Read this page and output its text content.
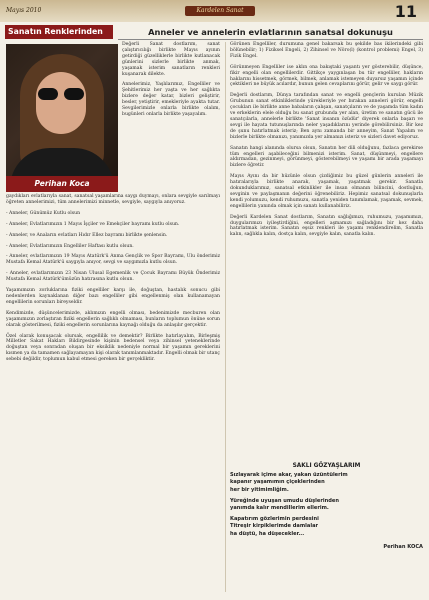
Mayıs 2010	Kardelen Sanat	11
Sanatın Renklerinden	Anneler ve annelerin evlatlarının sanatsal dokunuşu
Perihan Koca

Değerli Sanat dostlarım, sanat çalıştırıcılığı birlikte Mayıs ayının getirdiği güzelliklerle birlikte kutlanacak günlerini sizlerle birlikte anmak, yaşamak isterim sanatların renkleri kuşanarak dilekte.

Annelerimiz, Yaşlılarımız, Engelliler ve Şehitlerimiz her yaşta ve her sağlıkta bizlere değer katar, bizleri geliştirir, besler, yetiştirir, emekleriyle ayakta tutar. Sevgilerimizle onlarla birlikte olalım, bugünleri onlarla birlikte yaşayalım.

gaydıkları evlatlarıyla sanat, sanatsal yaşamlarına saygı duymayı, onlara sevgiyle sarılmayı öğreten annelerimizi, tüm annelerimizi minnetle, sevgiyle, saygıyla anıyoruz.

- Anneler, Günümüz Kutlu olsun

- Anneler, Evlatlarımızın 1 Mayıs İşçiler ve Emekçiler bayramı kutlu olsun.

- Anneler, ve Anaların evlatları Hıdır Ellez bayramı birlikte şenlensin.

- Anneler, Evlatlarımızın Engelliler Haftası kutlu olsun.

- Anneler, evlatlarımızın 19 Mayıs Atatürk'ü Anma Gençlik ve Spor Bayramı, Ulu önderimiz Mustafa Kemal Atatürk'ü saygıyla anıyor, sevgi ve saygımızla kutlu olsun.

- Anneler, evlatlarımızın 23 Nisan Ulusal Egemenlik ve Çocuk Bayramı Büyük Önderimiz Mustafa Kemal Atatürk'ümüzün hatırasına kutlu olsun.

Yaşamımızın zorluklarına fiziki engelliler karşı ile, doğuştan, hastalık sonucu gibi nedenlerden kaynaklanan diğer bazı engelliler gibi engellenmiş olan kullanamayan engellilerin sorunları bireyseldir.

Kendimizde, düşüncelerimizde, aklımızın engelli olması, bedenimizde mecburen olan yaşamımızın zorlaştıran fiziki engellerin sağlıklı olmaması, bunların toplumun önüne sorun olarak gösterilmesi, fiziki engellerin sorunlarına kaynağı olduğu da anlaşılır gerçektir.

Özel olarak konuşacak olursak, engellilik ve demektir? Birlikte hatırlayalım, Birleşmiş Milletler Sakat Hakları Bildirgesinde kişinin bedensel veya zihinsel yeteneklerinde doğuştan veya sonradan oluşan bir eksiklik nedeniyle normal bir yaşamın gereklerini kısmen ya da tamamen sağlayamayan kişi olarak tanımlanmaktadır. Engelli olmak bir utanç sebebi değildir, toplumun kabul etmesi gereken bir gerçekliktir.

Görünen Engelliler, durumuna genel bakarsak bu şekilde bas ikilerindeki gibi bölünebilir; 1) Fiziksel Engeli, 2) Zihinsel ve Nöro(l) (kontrol problemi) Engel, 3) Fizik Engel.

Görünmeyen Engelliler ise aklın ona bakıştaki yaşantı yer gösterebilir, düşünce, fikir engelli olan engellilerdir. Gittikçe yaygınlaşan bu tür engelliler, hakların haklarını hissetmek, görmek, bilmek, anlamak istemeyen duyarsız yaşamın içinde çektikleri ne büyük acılardır, bunun gelen cevaplarını görür, gelir ve saygı görür.

Değerli dostlarım, Dünya tarafından sanat ve engelli gençlerin kurulan Müzik Grubunun sanat etkinliklerinde yürekleriyle yer bırakan anneleri görür, engelli çocukları ile birlikte anne babaların çalışan, sanatçıların ve de yaşamda tüm kadın ve erkeklerin elele olduğu bu sanat grubunda yer alan, üretim ve sanatın gücü ile sanatçılarla, annelerle birlikte 'Sanat insanın özüdür' diyerek onlarla başarı ve sevgi ile hayata tutunuşlarında neler yaşadıklarını yerinde görebilirsiniz. Bir kez de şunu hatırlatmak isteriz; Ben aynı zamanda bir anneyim, Sanat Yapalım ve bizlerle birlikte olmanızı, yanımızda yer almanızı isteriz ve sizleri davet ediyoruz.

Sanatın hangi alanında olursa olsun, Sanatın her dili olduğunu, fazlaca gerekirse tüm engelleri aşabileceğini bilmenizi isterim. Sanat, düşünmeyi, engellere aldırmadan, gezinmeyi, görünmeyi, gösterebilmeyi ve yaşamı bir arada yaşamayı bizlere öğretir.

Mayıs Ayını da bir hüzünle olsun çizdiğimiz bu güzel günlerin anneleri ile hatıralarıyla birlikte anarak, yaşamak, yaşatmak gerekir. Sanatla dokunduklarımız, sanatsal etkinlikler ile insan olmanın bilincini, dostluğun, sevginin ve paylaşmanın değerini öğrenebiliriz. Hepimiz sanatsal dokunuşlarla kendi yolumuzu, kendi ruhumuzu, sanatla yeniden tanımlamak, yaşamak, sevmek, engellilerin yanında olmak için sanatı kullanabiliriz.

Değerli Kardelen Sanat dostlarım, Sanatın sağlığımızı, ruhumuzu, yaşamımızı, duygularımızı iyileştirdiğini, engelleri aşmamızı sağladığını bir kez daha hatırlatmak isterim. Sanatın eşsiz renkleri ile yaşamı renklendirelim, Sanatla kalın, sağlıkla kalın, dostça kalın, sevgiyle kalın, sanatla kalın.

SAKLI GÖZYAŞLARIM
Sızlayarak içime akar, yakan üzüntülerim
kapanır yaşamımın çiçeklerinden
her bir yitimimliğim.
Yüreğinde uyuşan umudu düşlerinden
yanımda kalır mendillerim ellerim.
Kapatırım gözlerimin perdesini
Titreşir kirpiklerimde damlalar
ha düştü, ha düşecekler...
Perihan KOCA
